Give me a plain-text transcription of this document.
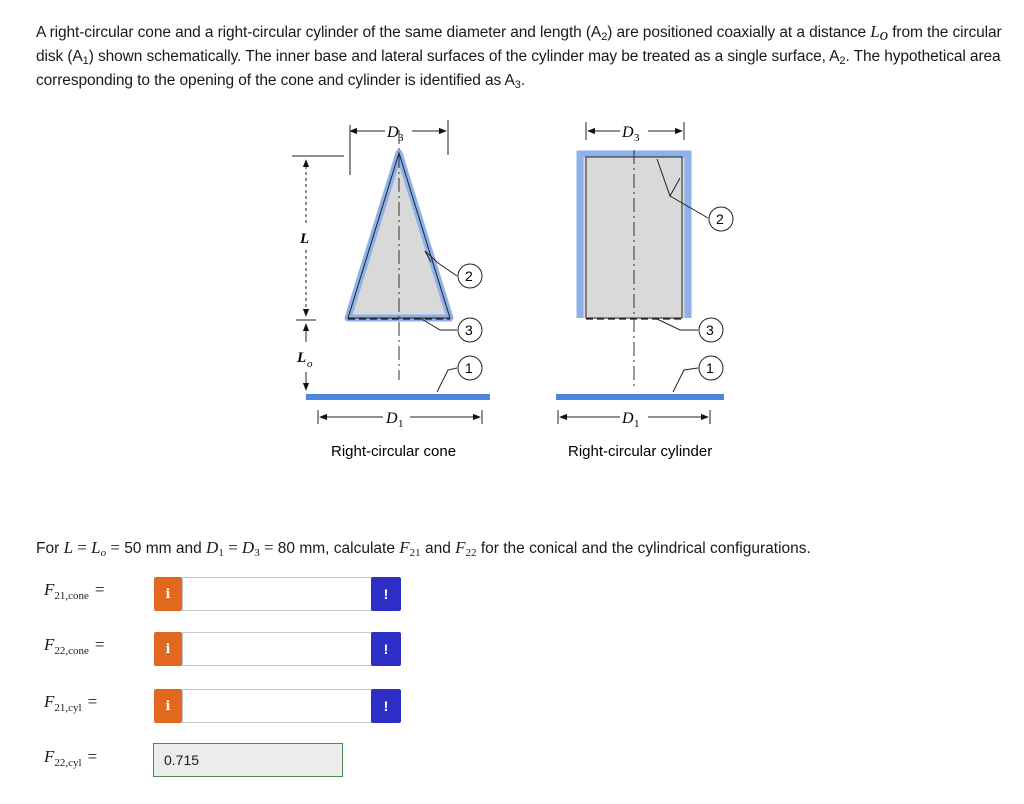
A right-circular cone and a right-circular cylinder of the same diameter and length $(A_2)$ are positioned coaxially at a distance $L_o$ from the circular disk $(A_1)$ shown schematically. The inner base and lateral surfaces of the cylinder may be treated as a single surface, $A_2$. The hypothetical area corresponding to the opening of the cone and cylinder is identified as $A_3$.
D 3
L
L o
D 1
2
3
1
Right-circular cone
D 3
D 1
2
3
1
Right-circular cylinder
For $L = L_o = 50$ mm and $D_1 = D_3 = 80$ mm, calculate $F_{21}$ and $F_{22}$ for the conical and the cylindrical configurations.
$F_{21,cone}$ =	i	!
$F_{22,cone}$ =	i	!
$F_{21,cyl}$ =	i	!
$F_{22,cyl}$ =	0.715
